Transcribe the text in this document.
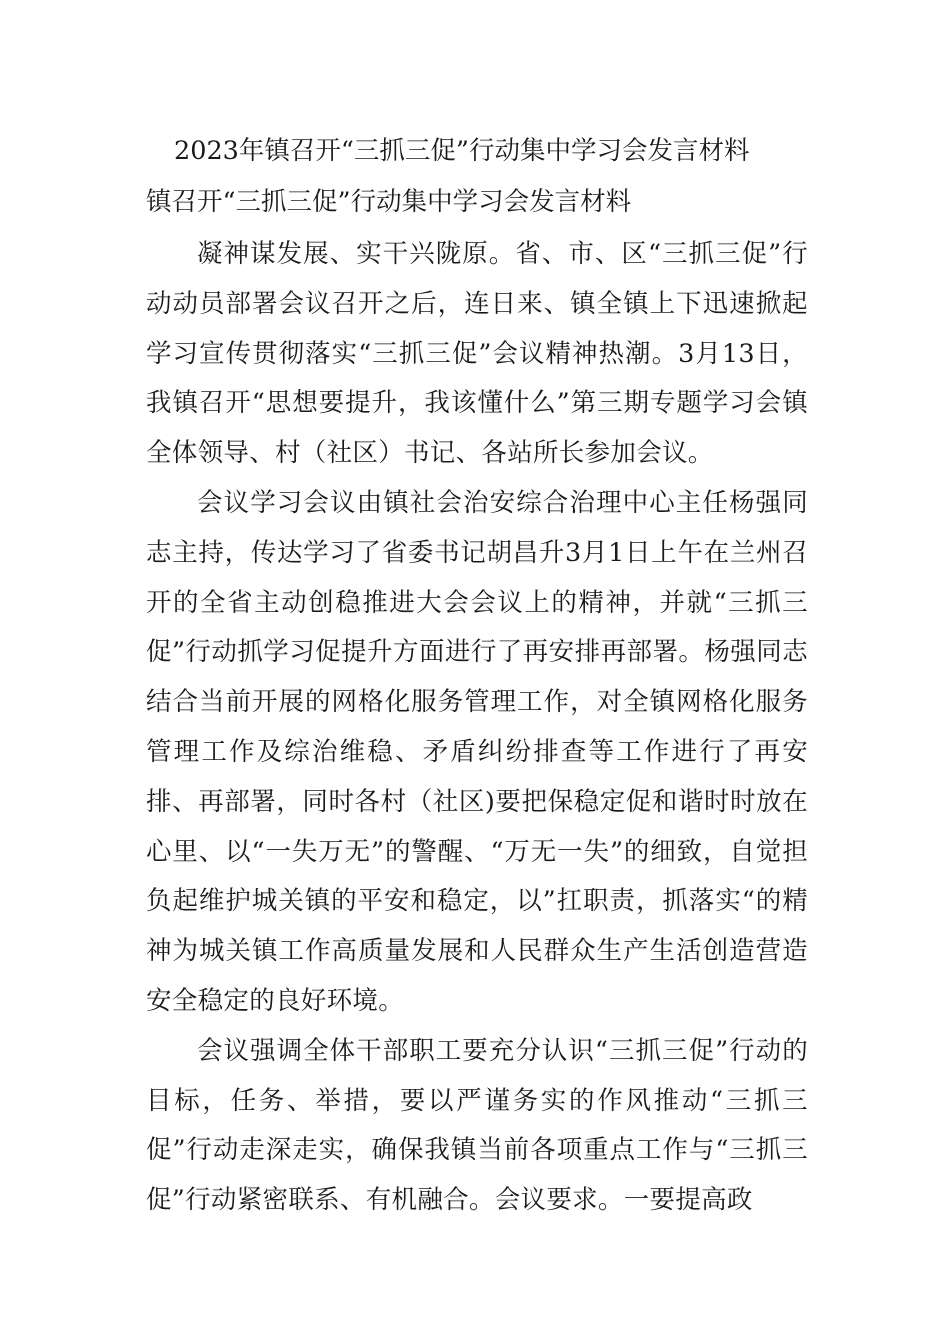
2023年镇召开“三抓三促”行动集中学习会发言材料
镇召开“三抓三促”行动集中学习会发言材料

凝神谋发展、实干兴陇原。省、市、区“三抓三促”行动动员部署会议召开之后，连日来、镇全镇上下迅速掀起学习宣传贯彻落实“三抓三促”会议精神热潮。3月13日，我镇召开“思想要提升，我该懂什么”第三期专题学习会镇全体领导、村（社区）书记、各站所长参加会议。

会议学习会议由镇社会治安综合治理中心主任杨强同志主持，传达学习了省委书记胡昌升3月1日上午在兰州召开的全省主动创稳推进大会会议上的精神，并就“三抓三促”行动抓学习促提升方面进行了再安排再部署。杨强同志结合当前开展的网格化服务管理工作，对全镇网格化服务管理工作及综治维稳、矛盾纠纷排查等工作进行了再安排、再部署，同时各村（社区)要把保稳定促和谐时时放在心里、以“一失万无”的警醒、“万无一失”的细致，自觉担负起维护城关镇的平安和稳定，以”扛职责，抓落实“的精神为城关镇工作高质量发展和人民群众生产生活创造营造安全稳定的良好环境。

会议强调全体干部职工要充分认识“三抓三促”行动的目标，任务、举措，要以严谨务实的作风推动“三抓三促”行动走深走实，确保我镇当前各项重点工作与“三抓三促”行动紧密联系、有机融合。会议要求。一要提高政
